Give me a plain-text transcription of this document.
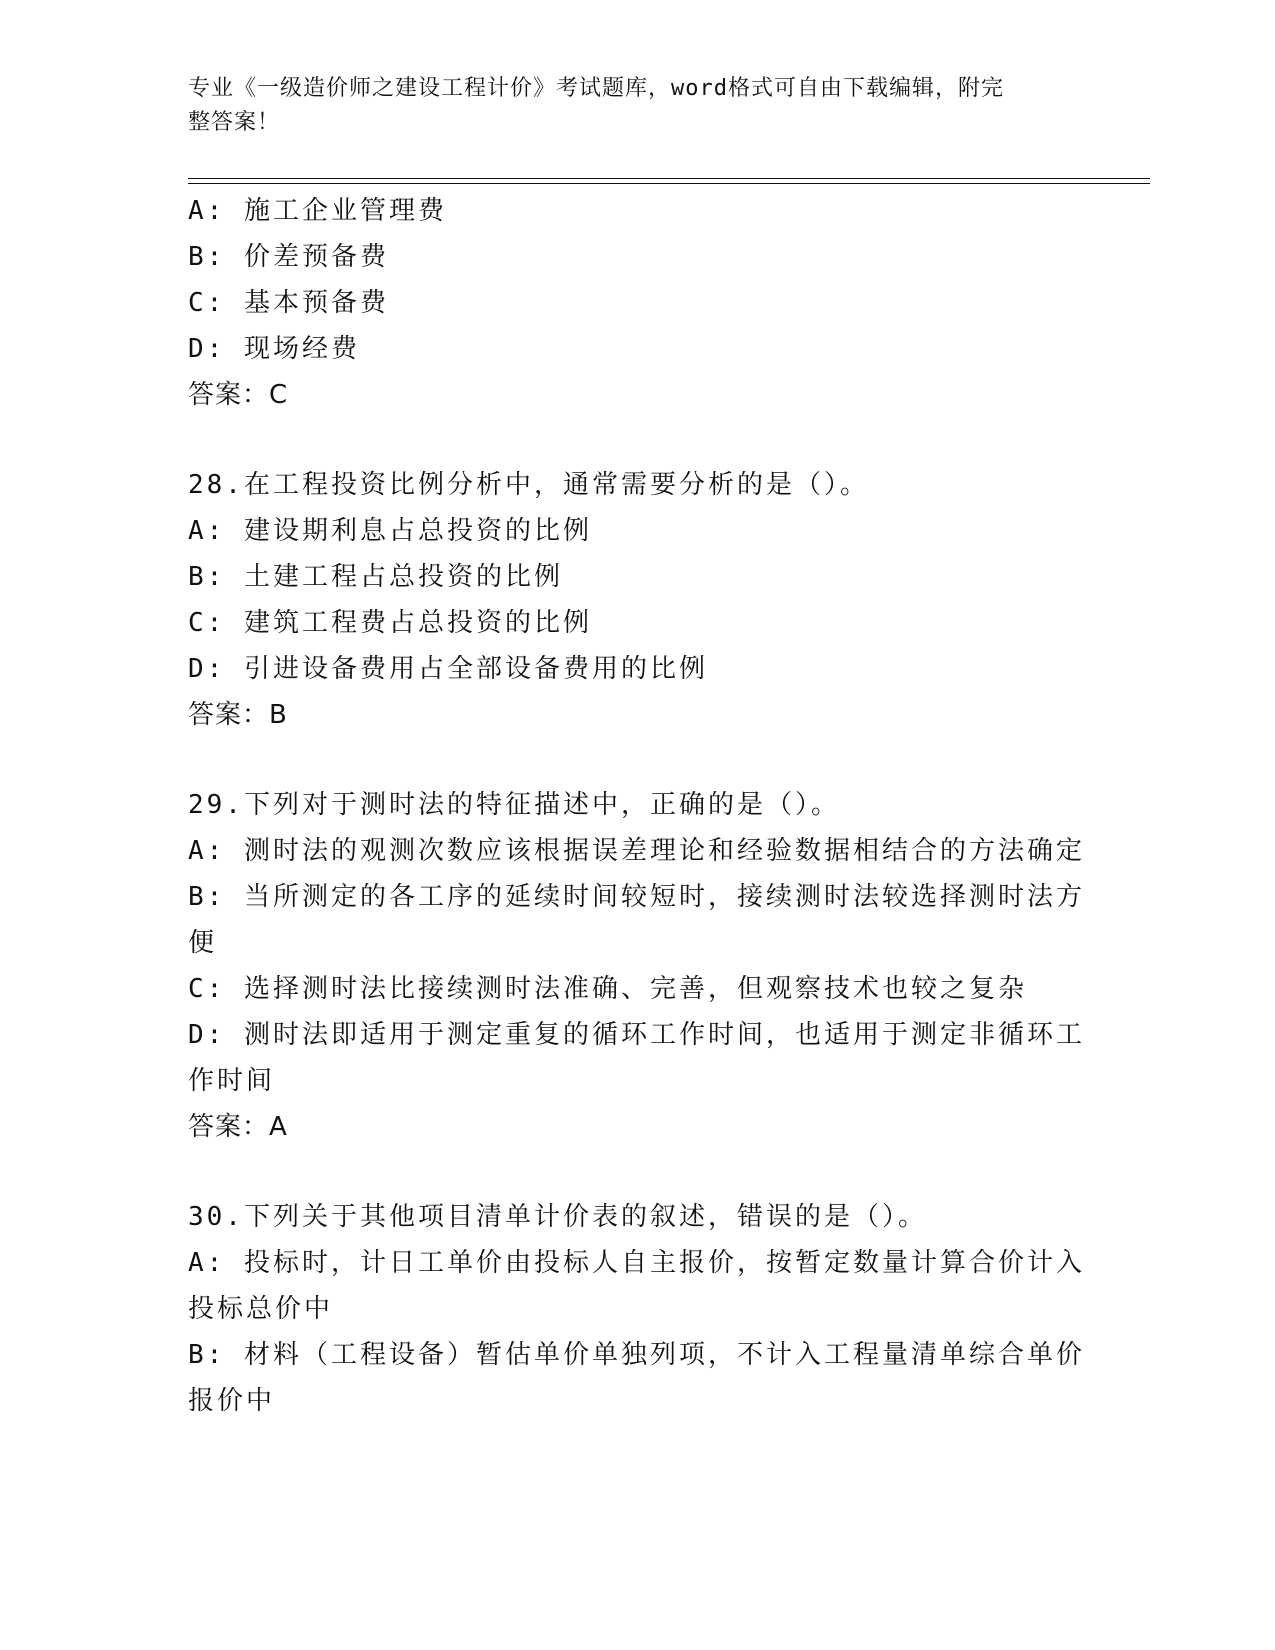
专业《一级造价师之建设工程计价》考试题库，word格式可自由下载编辑，附完
整答案！
A: 施工企业管理费
B: 价差预备费
C: 基本预备费
D: 现场经费
答案：C
28.在工程投资比例分析中，通常需要分析的是（）。
A: 建设期利息占总投资的比例
B: 土建工程占总投资的比例
C: 建筑工程费占总投资的比例
D: 引进设备费用占全部设备费用的比例
答案：B
29.下列对于测时法的特征描述中，正确的是（）。
A: 测时法的观测次数应该根据误差理论和经验数据相结合的方法确定
B: 当所测定的各工序的延续时间较短时，接续测时法较选择测时法方
便
C: 选择测时法比接续测时法准确、完善，但观察技术也较之复杂
D: 测时法即适用于测定重复的循环工作时间，也适用于测定非循环工
作时间
答案：A
30.下列关于其他项目清单计价表的叙述，错误的是（）。
A: 投标时，计日工单价由投标人自主报价，按暂定数量计算合价计入
投标总价中
B: 材料（工程设备）暂估单价单独列项，不计入工程量清单综合单价
报价中
